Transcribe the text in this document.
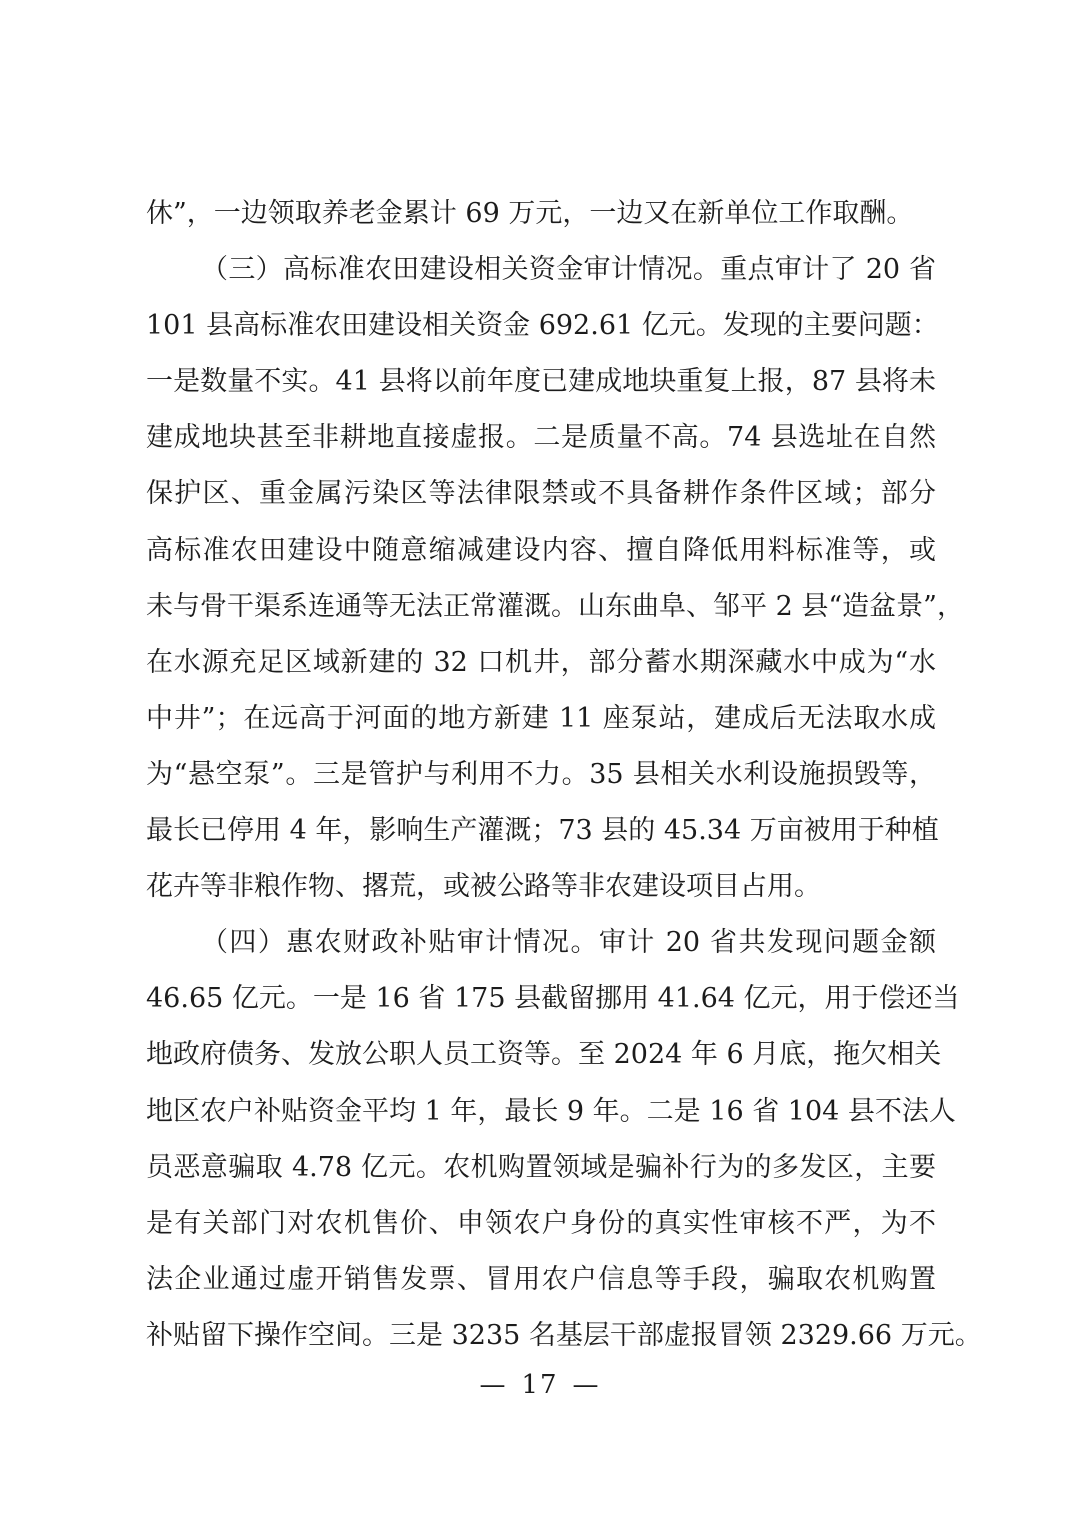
休”，一边领取养老金累计 69 万元，一边又在新单位工作取酬。
（三）高标准农田建设相关资金审计情况。重点审计了 20 省
101 县高标准农田建设相关资金 692.61 亿元。发现的主要问题：
一是数量不实。41 县将以前年度已建成地块重复上报，87 县将未
建成地块甚至非耕地直接虚报。二是质量不高。74 县选址在自然
保护区、重金属污染区等法律限禁或不具备耕作条件区域；部分
高标准农田建设中随意缩减建设内容、擅自降低用料标准等，或
未与骨干渠系连通等无法正常灌溉。山东曲阜、邹平 2 县“造盆景”，
在水源充足区域新建的 32 口机井，部分蓄水期深藏水中成为“水
中井”；在远高于河面的地方新建 11 座泵站，建成后无法取水成
为“悬空泵”。三是管护与利用不力。35 县相关水利设施损毁等，
最长已停用 4 年，影响生产灌溉；73 县的 45.34 万亩被用于种植
花卉等非粮作物、撂荒，或被公路等非农建设项目占用。
（四）惠农财政补贴审计情况。审计 20 省共发现问题金额
46.65 亿元。一是 16 省 175 县截留挪用 41.64 亿元，用于偿还当
地政府债务、发放公职人员工资等。至 2024 年 6 月底，拖欠相关
地区农户补贴资金平均 1 年，最长 9 年。二是 16 省 104 县不法人
员恶意骗取 4.78 亿元。农机购置领域是骗补行为的多发区，主要
是有关部门对农机售价、申领农户身份的真实性审核不严，为不
法企业通过虚开销售发票、冒用农户信息等手段，骗取农机购置
补贴留下操作空间。三是 3235 名基层干部虚报冒领 2329.66 万元。
— 17 —
